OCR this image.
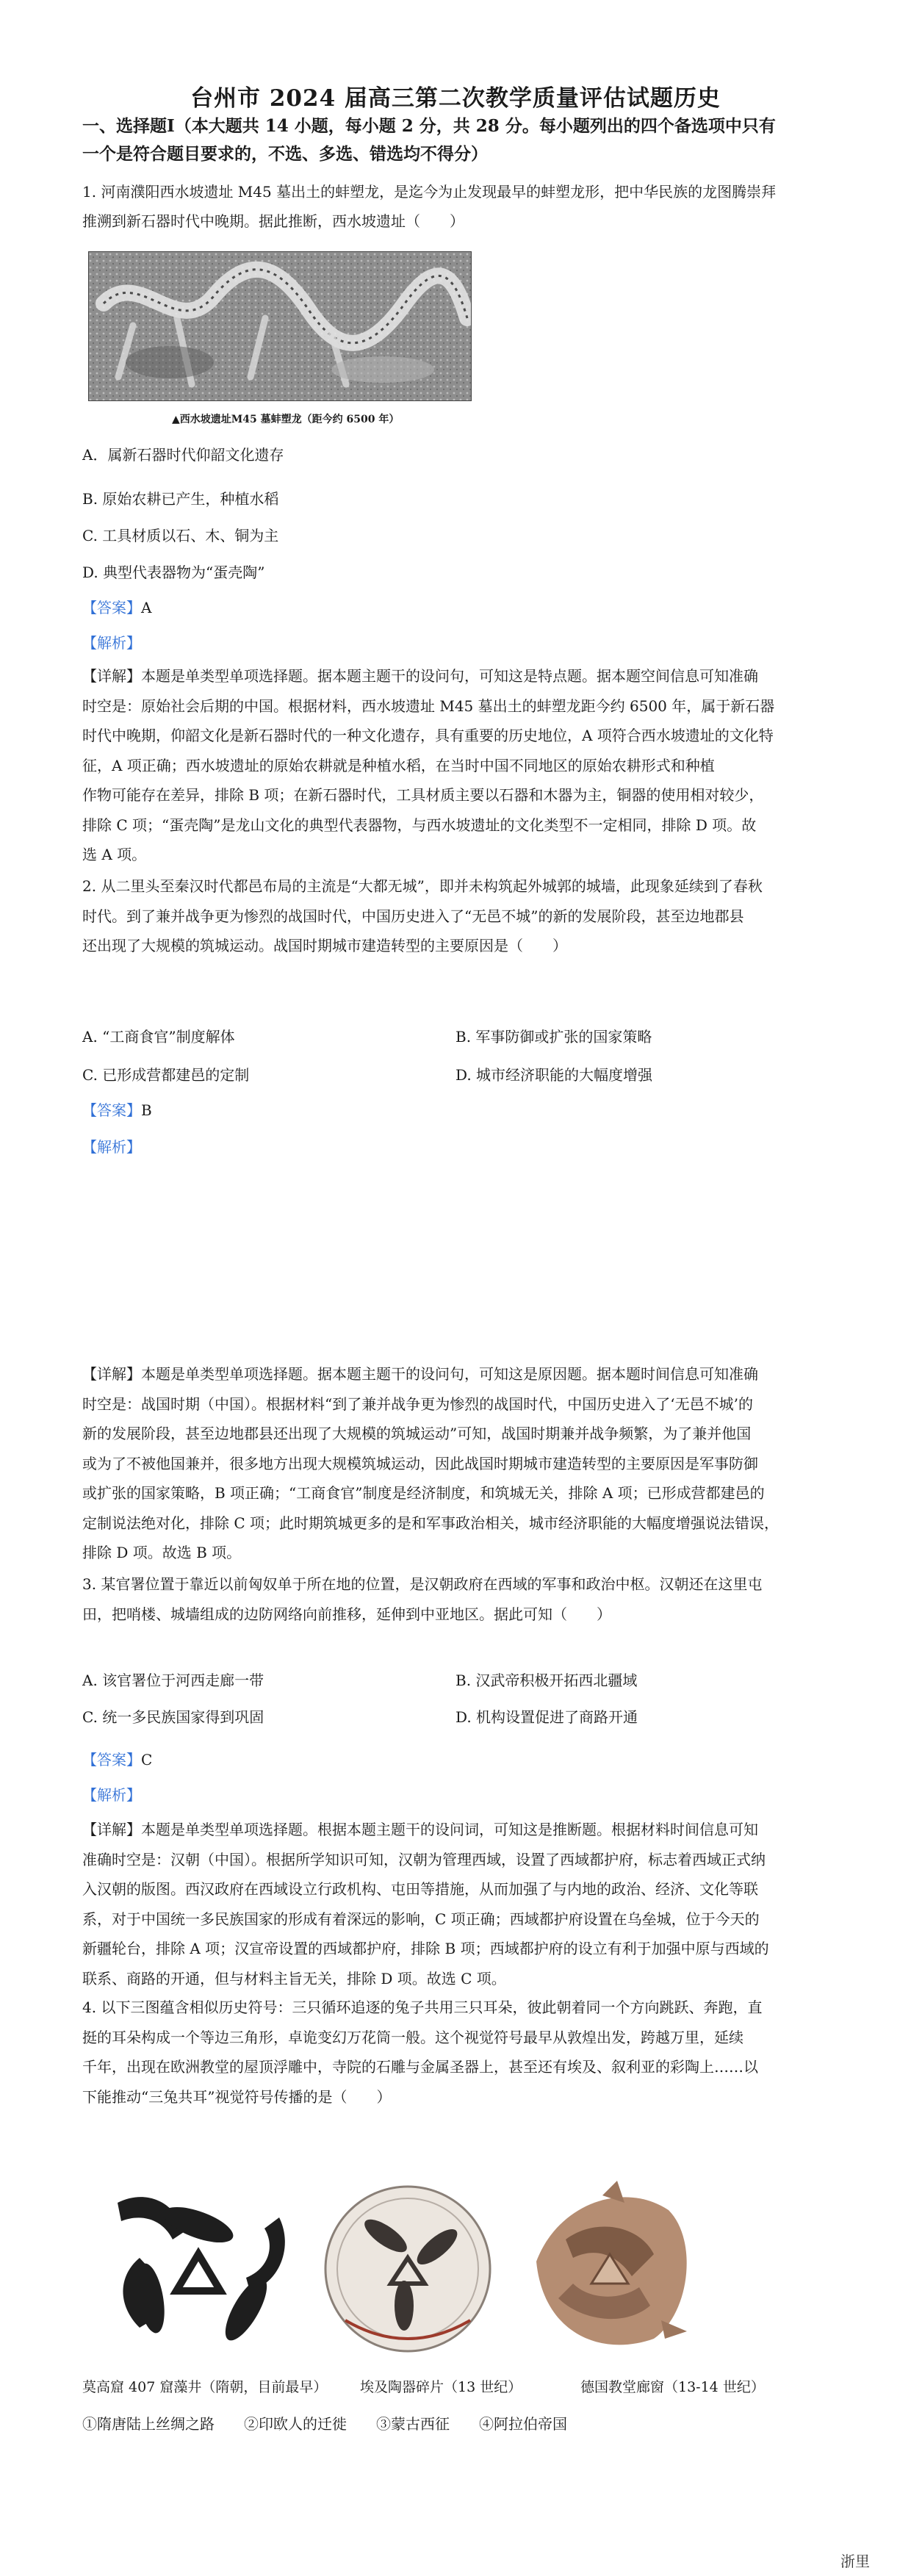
台州市 2024 届高三第二次教学质量评估试题历史
一、选择题Ⅰ（本大题共 14 小题，每小题 2 分，共 28 分。每小题列出的四个备选项中只有
一个是符合题目要求的，不选、多选、错选均不得分）
1. 河南濮阳西水坡遗址 M45 墓出土的蚌塑龙，是迄今为止发现最早的蚌塑龙形，把中华民族的龙图腾崇拜
推溯到新石器时代中晚期。据此推断，西水坡遗址（　　）
▲西水坡遗址M45 墓蚌塑龙（距今约 6500 年）
A．属新石器时代仰韶文化遗存
B. 原始农耕已产生，种植水稻
C. 工具材质以石、木、铜为主
D. 典型代表器物为“蛋壳陶”
【答案】A
【解析】
【详解】本题是单类型单项选择题。据本题主题干的设问句，可知这是特点题。据本题空间信息可知准确
时空是：原始社会后期的中国。根据材料，西水坡遗址 M45 墓出土的蚌塑龙距今约 6500 年，属于新石器
时代中晚期，仰韶文化是新石器时代的一种文化遗存，具有重要的历史地位，A 项符合西水坡遗址的文化特
征，A 项正确；西水坡遗址的原始农耕就是种植水稻，在当时中国不同地区的原始农耕形式和种植
作物可能存在差异，排除 B 项；在新石器时代，工具材质主要以石器和木器为主，铜器的使用相对较少，
排除 C 项；“蛋壳陶”是龙山文化的典型代表器物，与西水坡遗址的文化类型不一定相同，排除 D 项。故
选 A 项。
2. 从二里头至秦汉时代都邑布局的主流是“大都无城”，即并未构筑起外城郭的城墙，此现象延续到了春秋
时代。到了兼并战争更为惨烈的战国时代，中国历史进入了“无邑不城”的新的发展阶段，甚至边地郡县
还出现了大规模的筑城运动。战国时期城市建造转型的主要原因是（　　）
A. “工商食官”制度解体	B. 军事防御或扩张的国家策略
C. 已形成营都建邑的定制	D. 城市经济职能的大幅度增强
【答案】B
【解析】
【详解】本题是单类型单项选择题。据本题主题干的设问句，可知这是原因题。据本题时间信息可知准确
时空是：战国时期（中国）。根据材料“到了兼并战争更为惨烈的战国时代，中国历史进入了‘无邑不城’的
新的发展阶段，甚至边地郡县还出现了大规模的筑城运动”可知，战国时期兼并战争频繁，为了兼并他国
或为了不被他国兼并，很多地方出现大规模筑城运动，因此战国时期城市建造转型的主要原因是军事防御
或扩张的国家策略，B 项正确；“工商食官”制度是经济制度，和筑城无关，排除 A 项；已形成营都建邑的
定制说法绝对化，排除 C 项；此时期筑城更多的是和军事政治相关，城市经济职能的大幅度增强说法错误，
排除 D 项。故选 B 项。
3. 某官署位置于靠近以前匈奴单于所在地的位置，是汉朝政府在西域的军事和政治中枢。汉朝还在这里屯
田，把哨楼、城墙组成的边防网络向前推移，延伸到中亚地区。据此可知（　　）
A. 该官署位于河西走廊一带	B. 汉武帝积极开拓西北疆域
C. 统一多民族国家得到巩固	D. 机构设置促进了商路开通
【答案】C
【解析】
【详解】本题是单类型单项选择题。根据本题主题干的设问词，可知这是推断题。根据材料时间信息可知
准确时空是：汉朝（中国）。根据所学知识可知，汉朝为管理西域，设置了西域都护府，标志着西域正式纳
入汉朝的版图。西汉政府在西域设立行政机构、屯田等措施，从而加强了与内地的政治、经济、文化等联
系，对于中国统一多民族国家的形成有着深远的影响，C 项正确；西域都护府设置在乌垒城，位于今天的
新疆轮台，排除 A 项；汉宣帝设置的西域都护府，排除 B 项；西域都护府的设立有利于加强中原与西域的
联系、商路的开通，但与材料主旨无关，排除 D 项。故选 C 项。
4. 以下三图蕴含相似历史符号：三只循环追逐的兔子共用三只耳朵，彼此朝着同一个方向跳跃、奔跑，直
挺的耳朵构成一个等边三角形，卓诡变幻万花筒一般。这个视觉符号最早从敦煌出发，跨越万里，延续
千年，出现在欧洲教堂的屋顶浮雕中，寺院的石雕与金属圣器上，甚至还有埃及、叙利亚的彩陶上……以
下能推动“三兔共耳”视觉符号传播的是（　　）
莫高窟 407 窟藻井（隋朝，目前最早） 埃及陶器碎片（13 世纪）	德国教堂廊窗（13-14 世纪）
①隋唐陆上丝绸之路　　②印欧人的迁徙　　③蒙古西征　　④阿拉伯帝国
浙里
